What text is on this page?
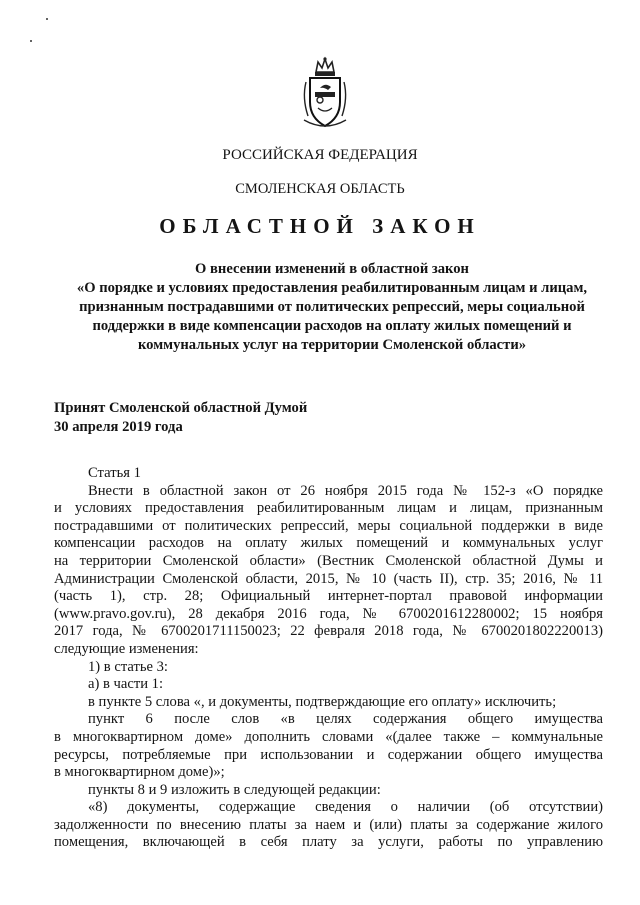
РОССИЙСКАЯ ФЕДЕРАЦИЯ
СМОЛЕНСКАЯ ОБЛАСТЬ
ОБЛАСТНОЙ ЗАКОН
О внесении изменений в областной закон
«О порядке и условиях предоставления реабилитированным лицам и лицам,
признанным пострадавшими от политических репрессий, меры социальной
поддержки в виде компенсации расходов на оплату жилых помещений и
коммунальных услуг на территории Смоленской области»
Принят Смоленской областной Думой
30 апреля 2019 года
Статья 1
Внести в областной закон от 26 ноября 2015 года № 152-з «О порядке
и условиях предоставления реабилитированным лицам и лицам, признанным
пострадавшими от политических репрессий, меры социальной поддержки в виде
компенсации расходов на оплату жилых помещений и коммунальных услуг
на территории Смоленской области» (Вестник Смоленской областной Думы и
Администрации Смоленской области, 2015, № 10 (часть II), стр. 35; 2016, № 11
(часть 1), стр. 28; Официальный интернет-портал правовой информации
(www.pravo.gov.ru), 28 декабря 2016 года, № 6700201612280002; 15 ноября
2017 года, № 6700201711150023; 22 февраля 2018 года, № 6700201802220013)
следующие изменения:
1) в статье 3:
а) в части 1:
в пункте 5 слова «, и документы, подтверждающие его оплату» исключить;
пункт 6 после слов «в целях содержания общего имущества
в многоквартирном доме» дополнить словами «(далее также – коммунальные
ресурсы, потребляемые при использовании и содержании общего имущества
в многоквартирном доме)»;
пункты 8 и 9 изложить в следующей редакции:
«8) документы, содержащие сведения о наличии (об отсутствии)
задолженности по внесению платы за наем и (или) платы за содержание жилого
помещения, включающей в себя плату за услуги, работы по управлению
